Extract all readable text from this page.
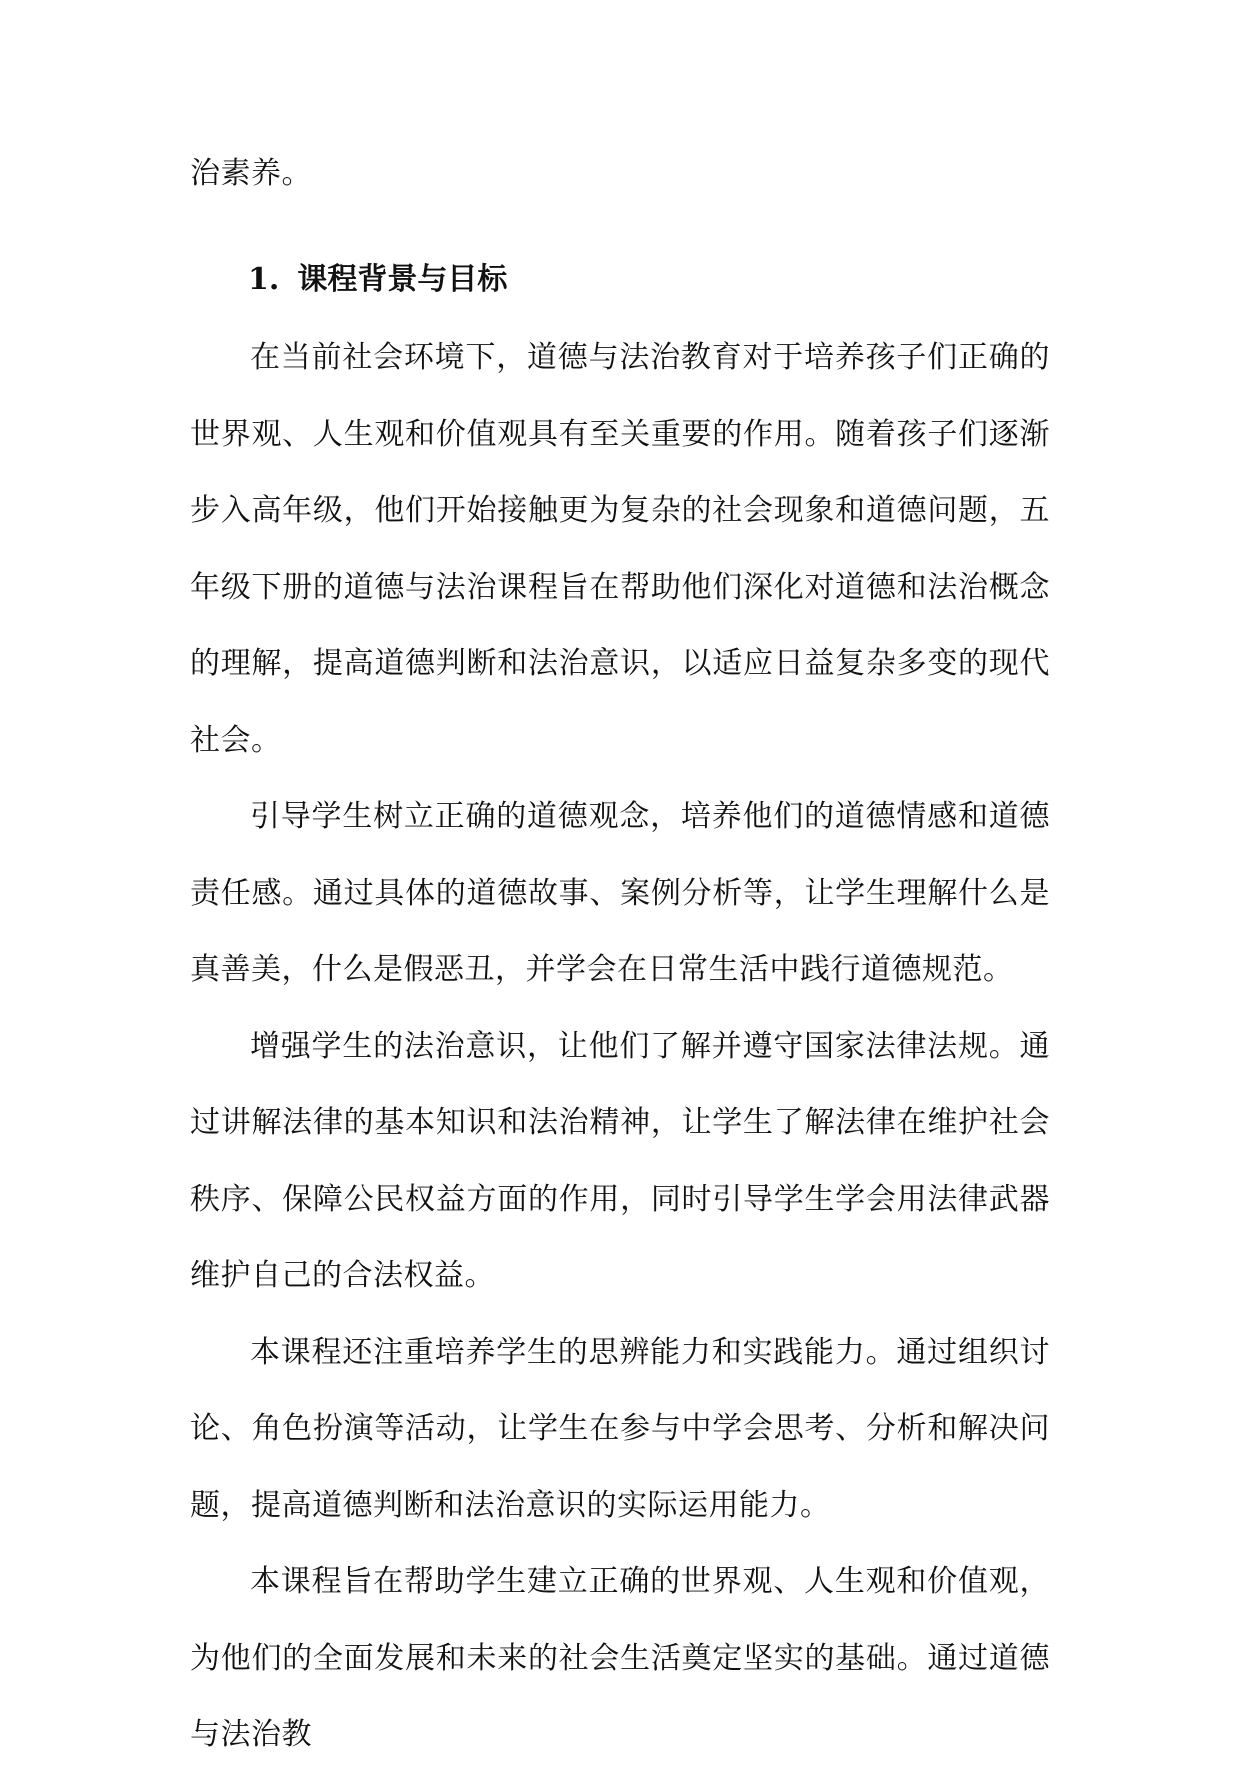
治素养。

1. 课程背景与目标

在当前社会环境下，道德与法治教育对于培养孩子们正确的世界观、人生观和价值观具有至关重要的作用。随着孩子们逐渐步入高年级，他们开始接触更为复杂的社会现象和道德问题，五年级下册的道德与法治课程旨在帮助他们深化对道德和法治概念的理解，提高道德判断和法治意识，以适应日益复杂多变的现代社会。

引导学生树立正确的道德观念，培养他们的道德情感和道德责任感。通过具体的道德故事、案例分析等，让学生理解什么是真善美，什么是假恶丑，并学会在日常生活中践行道德规范。

增强学生的法治意识，让他们了解并遵守国家法律法规。通过讲解法律的基本知识和法治精神，让学生了解法律在维护社会秩序、保障公民权益方面的作用，同时引导学生学会用法律武器维护自己的合法权益。

本课程还注重培养学生的思辨能力和实践能力。通过组织讨论、角色扮演等活动，让学生在参与中学会思考、分析和解决问题，提高道德判断和法治意识的实际运用能力。

本课程旨在帮助学生建立正确的世界观、人生观和价值观，为他们的全面发展和未来的社会生活奠定坚实的基础。通过道德与法治教
